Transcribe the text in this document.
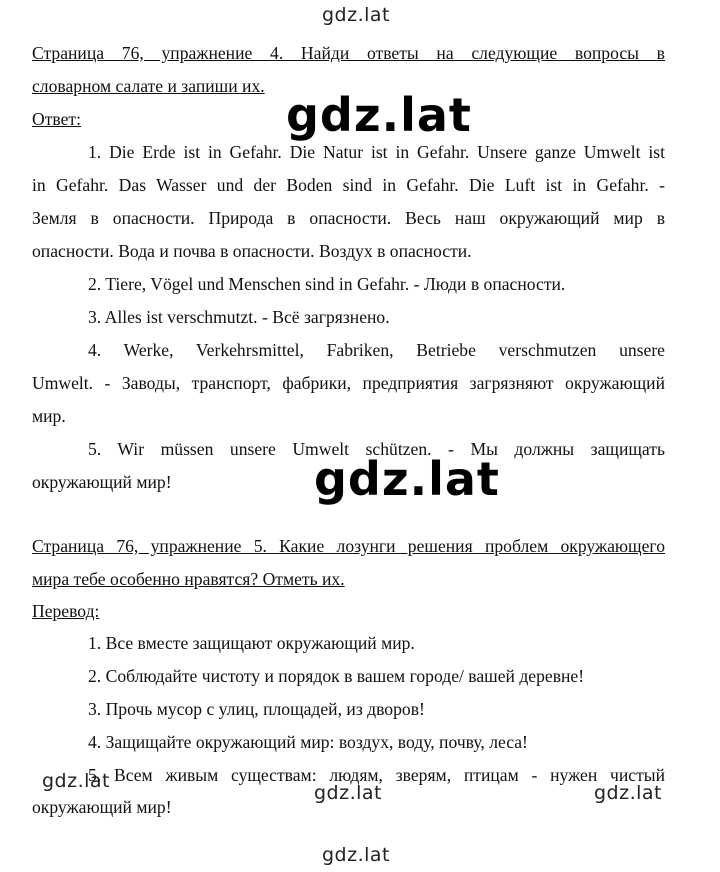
gdz.lat
gdz.lat
gdz.lat
gdz.lat
gdz.lat	gdz.lat
gdz.lat
Страница 76, упражнение 4. Найди ответы на следующие вопросы в
словарном салате и запиши их.
Ответ:
1. Die Erde ist in Gefahr. Die Natur ist in Gefahr. Unsere ganze Umwelt ist
in Gefahr. Das Wasser und der Boden sind in Gefahr. Die Luft ist in Gefahr. -
Земля в опасности. Природа в опасности. Весь наш окружающий мир в
опасности. Вода и почва в опасности. Воздух в опасности.
2. Tiere, Vögel und Menschen sind in Gefahr. - Люди в опасности.
3. Alles ist verschmutzt. - Всё загрязнено.
4. Werke, Verkehrsmittel, Fabriken, Betriebe verschmutzen unsere
Umwelt. - Заводы, транспорт, фабрики, предприятия загрязняют окружающий
мир.
5. Wir müssen unsere Umwelt schützen. - Мы должны защищать
окружающий мир!
Страница 76, упражнение 5. Какие лозунги решения проблем окружающего
мира тебе особенно нравятся? Отметь их.
Перевод:
1. Все вместе защищают окружающий мир.
2. Соблюдайте чистоту и порядок в вашем городе/ вашей деревне!
3. Прочь мусор с улиц, площадей, из дворов!
4. Защищайте окружающий мир: воздух, воду, почву, леса!
5. Всем живым существам: людям, зверям, птицам - нужен чистый
окружающий мир!
